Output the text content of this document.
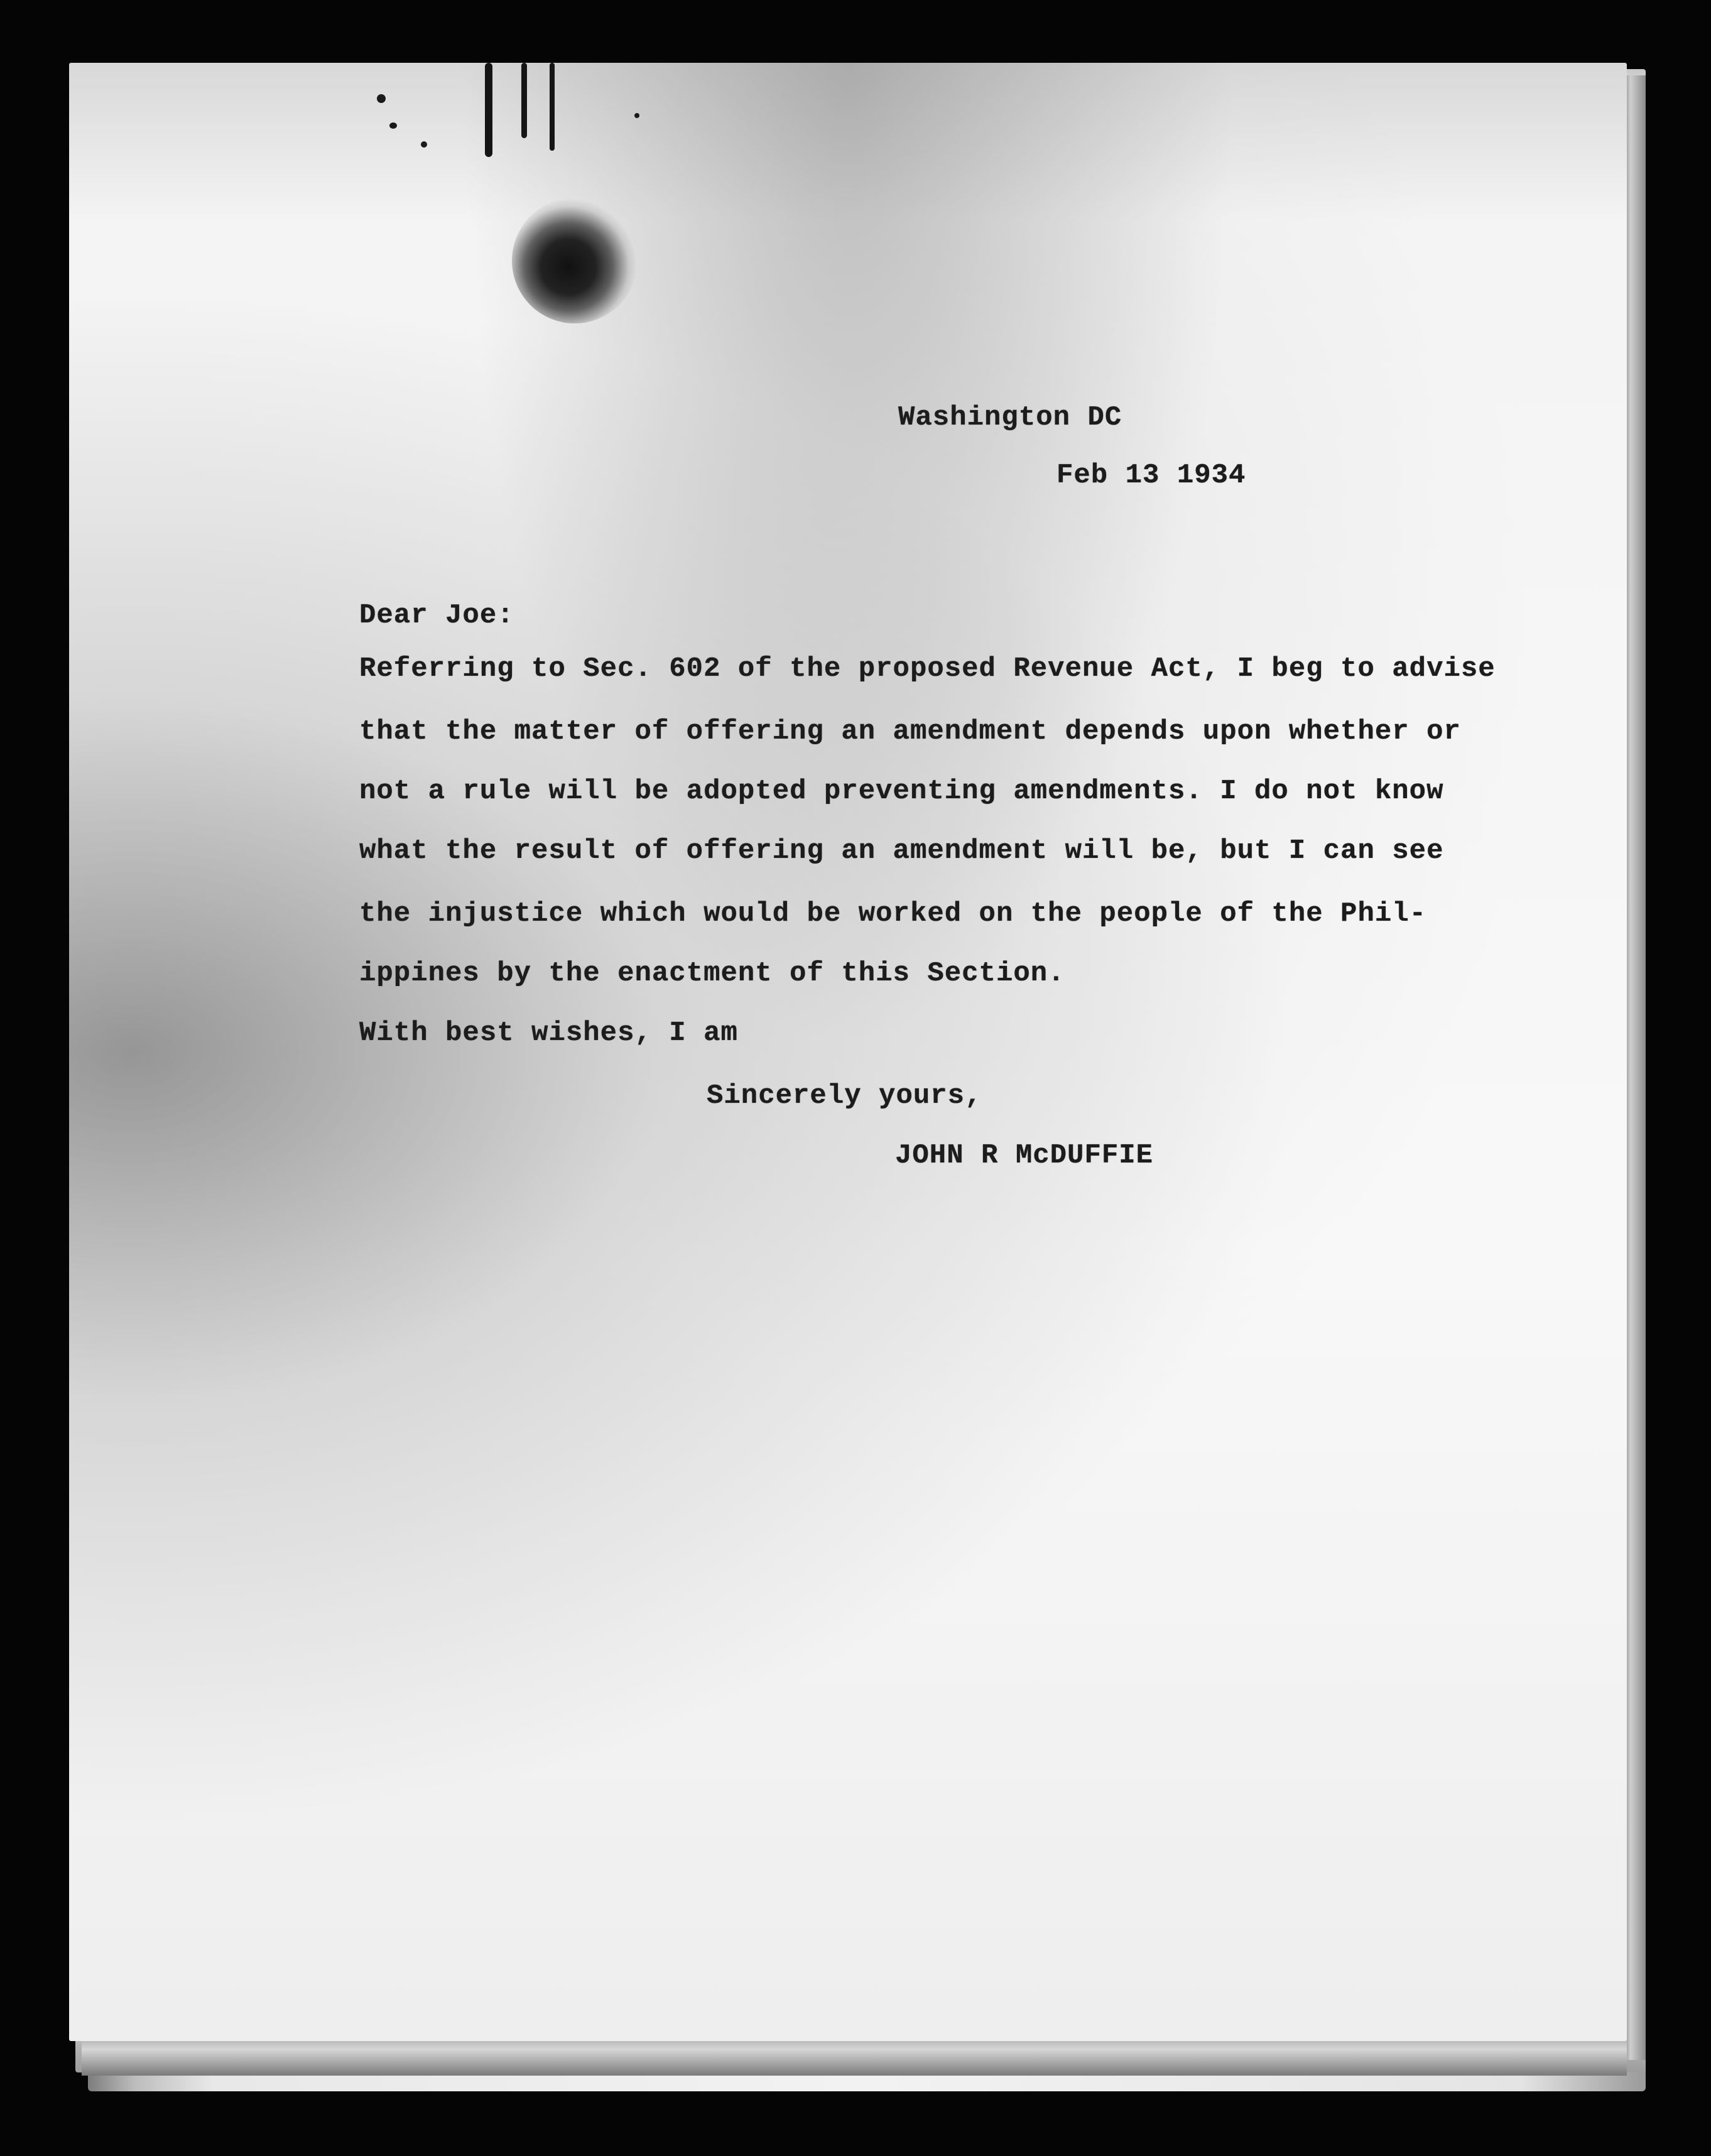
Washington DC

Feb 13 1934

Dear Joe:

Referring to Sec. 602 of the proposed Revenue Act, I beg to advise

that the matter of offering an amendment depends upon whether or

not a rule will be adopted preventing amendments. I do not know

what the result of offering an amendment will be, but I can see

the injustice which would be worked on the people of the Phil-

ippines by the enactment of this Section.

With best wishes, I am

Sincerely yours,

JOHN R McDUFFIE
